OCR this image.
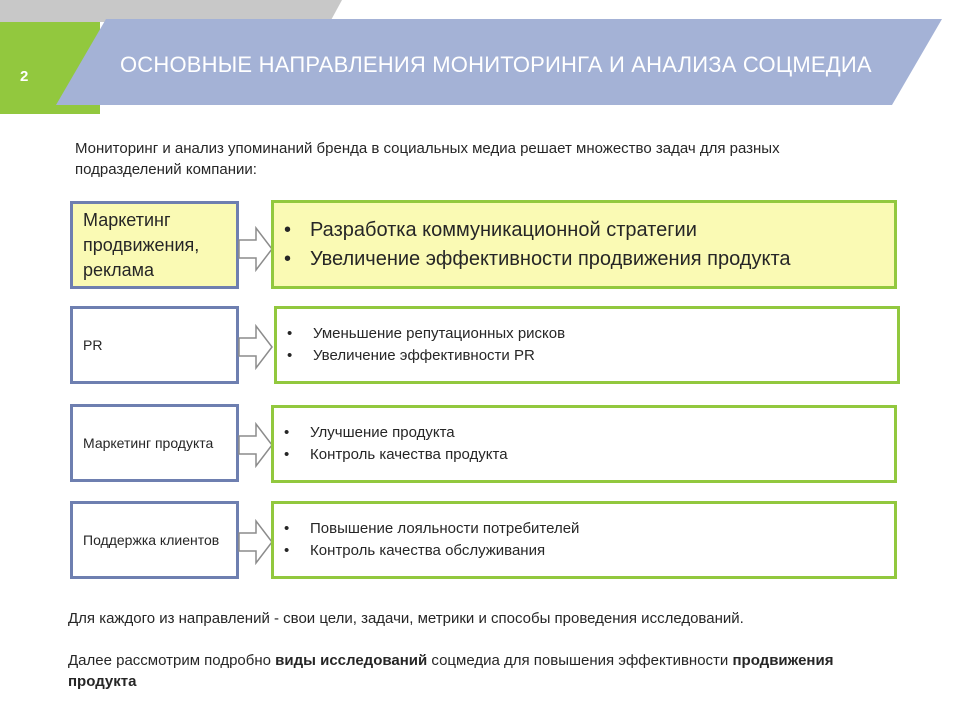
2	ОСНОВНЫЕ НАПРАВЛЕНИЯ МОНИТОРИНГА И АНАЛИЗА СОЦМЕДИА
Мониторинг и анализ упоминаний бренда в социальных медиа решает множество задач для разных подразделений компании:
Маркетинг продвижения, реклама
• Разработка коммуникационной стратегии
• Увеличение эффективности продвижения продукта
PR
• Уменьшение репутационных рисков
• Увеличение эффективности PR
Маркетинг продукта
• Улучшение продукта
• Контроль качества продукта
Поддержка клиентов
• Повышение лояльности потребителей
• Контроль качества обслуживания
Для каждого из направлений - свои цели, задачи, метрики и способы проведения исследований.
Далее рассмотрим подробно виды исследований соцмедиа для повышения эффективности продвижения продукта
